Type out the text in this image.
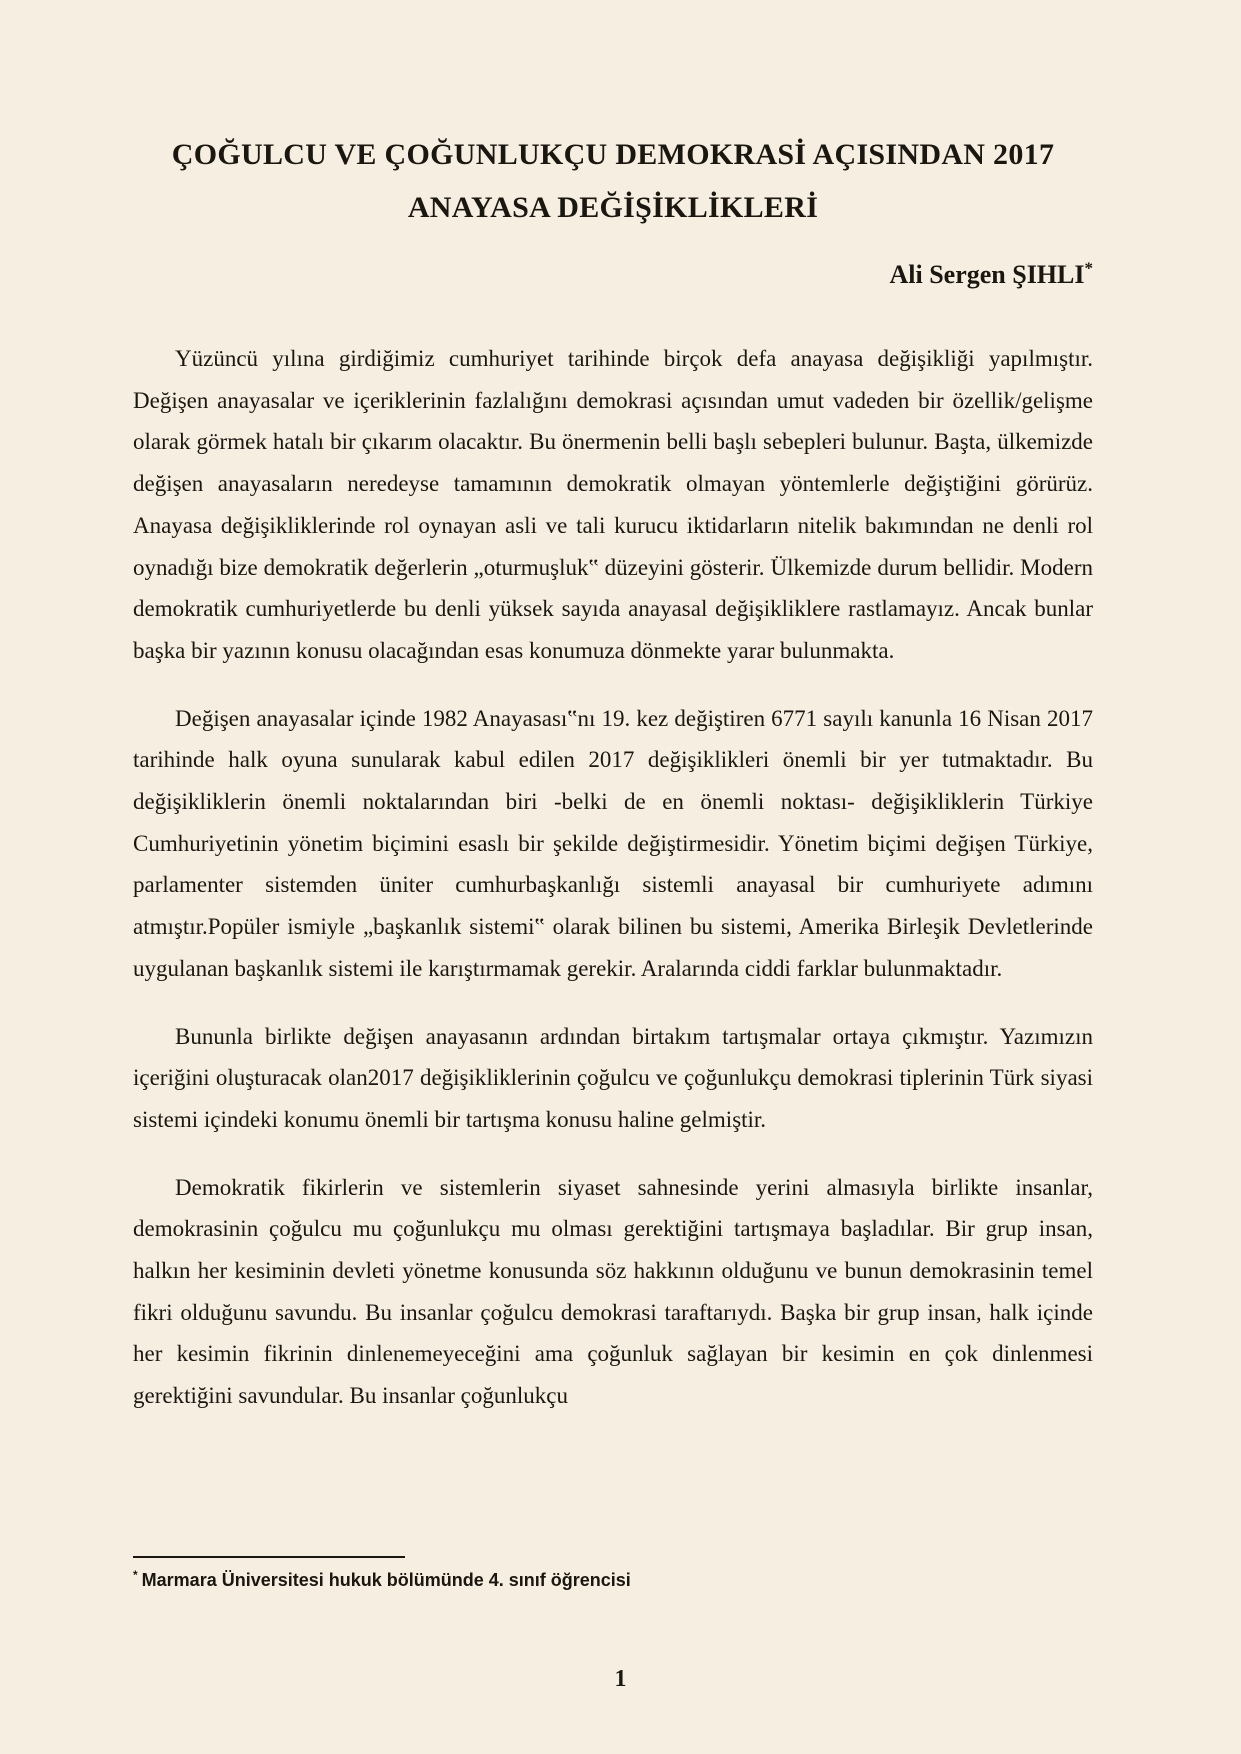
ÇOĞULCU VE ÇOĞUNLUKÇU DEMOKRASİ AÇISINDAN 2017
ANAYASA DEĞİŞİKLİKLERİ
Ali Sergen ŞIHLI*

Yüzüncü yılına girdiğimiz cumhuriyet tarihinde birçok defa anayasa değişikliği yapılmıştır. Değişen anayasalar ve içeriklerinin fazlalığını demokrasi açısından umut vadeden bir özellik/gelişme olarak görmek hatalı bir çıkarım olacaktır. Bu önermenin belli başlı sebepleri bulunur. Başta, ülkemizde değişen anayasaların neredeyse tamamının demokratik olmayan yöntemlerle değiştiğini görürüz. Anayasa değişikliklerinde rol oynayan asli ve tali kurucu iktidarların nitelik bakımından ne denli rol oynadığı bize demokratik değerlerin „oturmuşluk‟ düzeyini gösterir. Ülkemizde durum bellidir. Modern demokratik cumhuriyetlerde bu denli yüksek sayıda anayasal değişikliklere rastlamayız. Ancak bunlar başka bir yazının konusu olacağından esas konumuza dönmekte yarar bulunmakta.

Değişen anayasalar içinde 1982 Anayasası‟nı 19. kez değiştiren 6771 sayılı kanunla 16 Nisan 2017 tarihinde halk oyuna sunularak kabul edilen 2017 değişiklikleri önemli bir yer tutmaktadır. Bu değişikliklerin önemli noktalarından biri -belki de en önemli noktası- değişikliklerin Türkiye Cumhuriyetinin yönetim biçimini esaslı bir şekilde değiştirmesidir. Yönetim biçimi değişen Türkiye, parlamenter sistemden üniter cumhurbaşkanlığı sistemli anayasal bir cumhuriyete adımını atmıştır.Popüler ismiyle „başkanlık sistemi‟ olarak bilinen bu sistemi, Amerika Birleşik Devletlerinde uygulanan başkanlık sistemi ile karıştırmamak gerekir. Aralarında ciddi farklar bulunmaktadır.

Bununla birlikte değişen anayasanın ardından birtakım tartışmalar ortaya çıkmıştır. Yazımızın içeriğini oluşturacak olan2017 değişikliklerinin çoğulcu ve çoğunlukçu demokrasi tiplerinin Türk siyasi sistemi içindeki konumu önemli bir tartışma konusu haline gelmiştir.

Demokratik fikirlerin ve sistemlerin siyaset sahnesinde yerini almasıyla birlikte insanlar, demokrasinin çoğulcu mu çoğunlukçu mu olması gerektiğini tartışmaya başladılar. Bir grup insan, halkın her kesiminin devleti yönetme konusunda söz hakkının olduğunu ve bunun demokrasinin temel fikri olduğunu savundu. Bu insanlar çoğulcu demokrasi taraftarıydı. Başka bir grup insan, halk içinde her kesimin fikrinin dinlenemeyeceğini ama çoğunluk sağlayan bir kesimin en çok dinlenmesi gerektiğini savundular. Bu insanlar çoğunlukçu

* Marmara Üniversitesi hukuk bölümünde 4. sınıf öğrencisi
1
